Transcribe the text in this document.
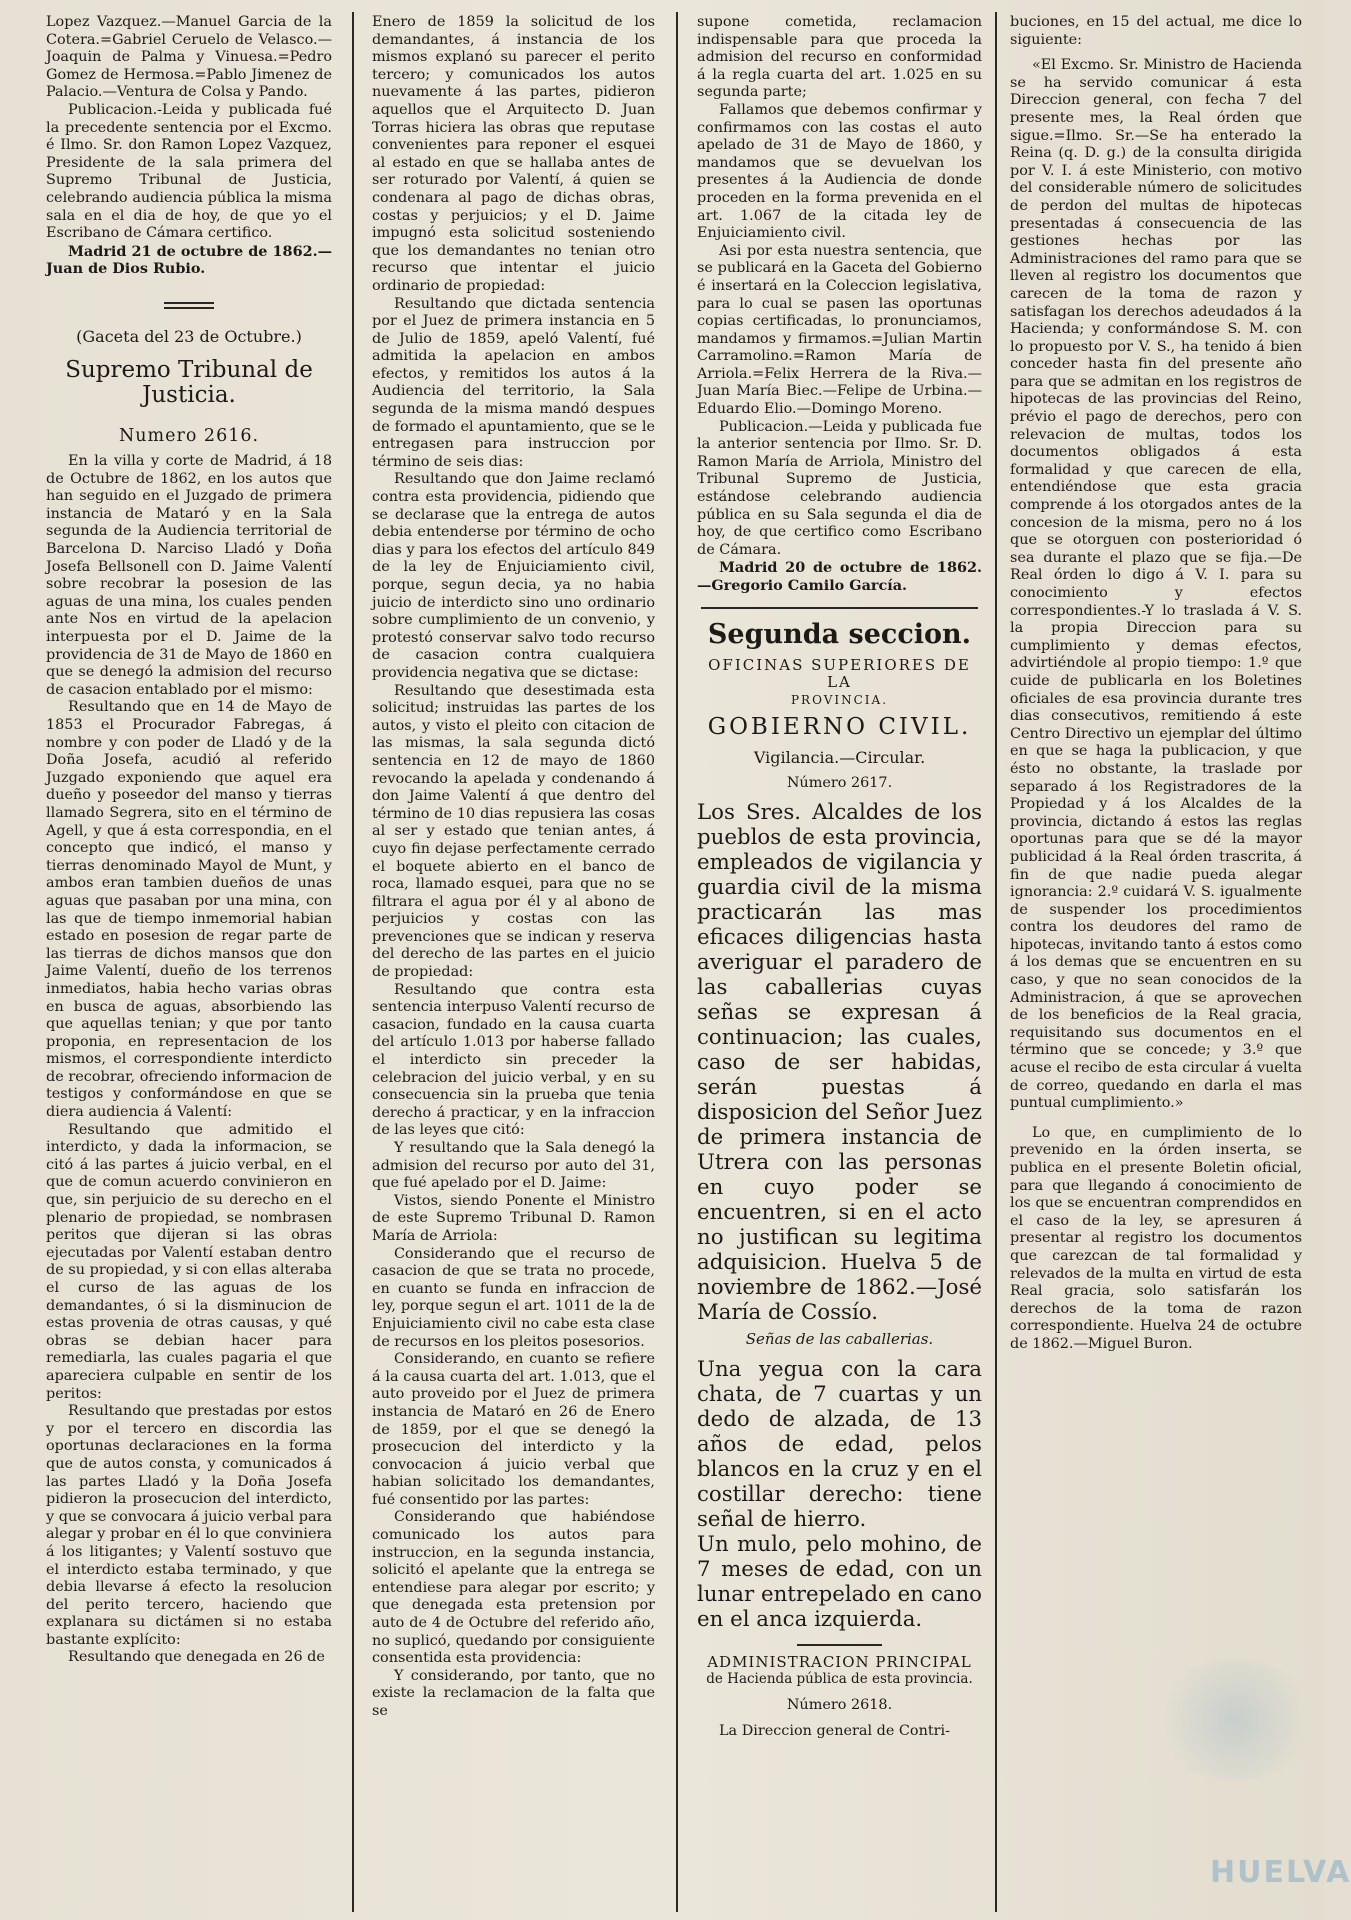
Lopez Vazquez.—Manuel Garcia de la Cotera.=Gabriel Ceruelo de Velasco.—Joaquin de Palma y Vinuesa.=Pedro Gomez de Hermosa.=Pablo Jimenez de Palacio.—Ventura de Colsa y Pando.

Publicacion.-Leida y publicada fué la precedente sentencia por el Excmo. é Ilmo. Sr. don Ramon Lopez Vazquez, Presidente de la sala primera del Supremo Tribunal de Justicia, celebrando audiencia pública la misma sala en el dia de hoy, de que yo el Escribano de Cámara certifico.

Madrid 21 de octubre de 1862.—Juan de Dios Rubio.

(Gaceta del 23 de Octubre.)

Supremo Tribunal de Justicia.
Numero 2616.

En la villa y corte de Madrid, á 18 de Octubre de 1862, en los autos que han seguido en el Juzgado de primera instancia de Mataró y en la Sala segunda de la Audiencia territorial de Barcelona D. Narciso Lladó y Doña Josefa Bellsonell con D. Jaime Valentí sobre recobrar la posesion de las aguas de una mina, los cuales penden ante Nos en virtud de la apelacion interpuesta por el D. Jaime de la providencia de 31 de Mayo de 1860 en que se denegó la admision del recurso de casacion entablado por el mismo:

Resultando que en 14 de Mayo de 1853 el Procurador Fabregas, á nombre y con poder de Lladó y de la Doña Josefa, acudió al referido Juzgado exponiendo que aquel era dueño y poseedor del manso y tierras llamado Segrera, sito en el término de Agell, y que á esta correspondia, en el concepto que indicó, el manso y tierras denominado Mayol de Munt, y ambos eran tambien dueños de unas aguas que pasaban por una mina, con las que de tiempo inmemorial habian estado en posesion de regar parte de las tierras de dichos mansos que don Jaime Valentí, dueño de los terrenos inmediatos, habia hecho varias obras en busca de aguas, absorbiendo las que aquellas tenian; y que por tanto proponia, en representacion de los mismos, el correspondiente interdicto de recobrar, ofreciendo informacion de testigos y conformándose en que se diera audiencia á Valentí:

Resultando que admitido el interdicto, y dada la informacion, se citó á las partes á juicio verbal, en el que de comun acuerdo convinieron en que, sin perjuicio de su derecho en el plenario de propiedad, se nombrasen peritos que dijeran si las obras ejecutadas por Valentí estaban dentro de su propiedad, y si con ellas alteraba el curso de las aguas de los demandantes, ó si la disminucion de estas provenia de otras causas, y qué obras se debian hacer para remediarla, las cuales pagaria el que apareciera culpable en sentir de los peritos:

Resultando que prestadas por estos y por el tercero en discordia las oportunas declaraciones en la forma que de autos consta, y comunicados á las partes Lladó y la Doña Josefa pidieron la prosecucion del interdicto, y que se convocara á juicio verbal para alegar y probar en él lo que conviniera á los litigantes; y Valentí sostuvo que el interdicto estaba terminado, y que debia llevarse á efecto la resolucion del perito tercero, haciendo que explanara su dictámen si no estaba bastante explícito:

Resultando que denegada en 26 de

Enero de 1859 la solicitud de los demandantes, á instancia de los mismos explanó su parecer el perito tercero; y comunicados los autos nuevamente á las partes, pidieron aquellos que el Arquitecto D. Juan Torras hiciera las obras que reputase convenientes para reponer el esquei al estado en que se hallaba antes de ser roturado por Valentí, á quien se condenara al pago de dichas obras, costas y perjuicios; y el D. Jaime impugnó esta solicitud sosteniendo que los demandantes no tenian otro recurso que intentar el juicio ordinario de propiedad:

Resultando que dictada sentencia por el Juez de primera instancia en 5 de Julio de 1859, apeló Valentí, fué admitida la apelacion en ambos efectos, y remitidos los autos á la Audiencia del territorio, la Sala segunda de la misma mandó despues de formado el apuntamiento, que se le entregasen para instruccion por término de seis dias:

Resultando que don Jaime reclamó contra esta providencia, pidiendo que se declarase que la entrega de autos debia entenderse por término de ocho dias y para los efectos del artículo 849 de la ley de Enjuiciamiento civil, porque, segun decia, ya no habia juicio de interdicto sino uno ordinario sobre cumplimiento de un convenio, y protestó conservar salvo todo recurso de casacion contra cualquiera providencia negativa que se dictase:

Resultando que desestimada esta solicitud; instruidas las partes de los autos, y visto el pleito con citacion de las mismas, la sala segunda dictó sentencia en 12 de mayo de 1860 revocando la apelada y condenando á don Jaime Valentí á que dentro del término de 10 dias repusiera las cosas al ser y estado que tenian antes, á cuyo fin dejase perfectamente cerrado el boquete abierto en el banco de roca, llamado esquei, para que no se filtrara el agua por él y al abono de perjuicios y costas con las prevenciones que se indican y reserva del derecho de las partes en el juicio de propiedad:

Resultando que contra esta sentencia interpuso Valentí recurso de casacion, fundado en la causa cuarta del artículo 1.013 por haberse fallado el interdicto sin preceder la celebracion del juicio verbal, y en su consecuencia sin la prueba que tenia derecho á practicar, y en la infraccion de las leyes que citó:

Y resultando que la Sala denegó la admision del recurso por auto del 31, que fué apelado por el D. Jaime:

Vistos, siendo Ponente el Ministro de este Supremo Tribunal D. Ramon María de Arriola:

Considerando que el recurso de casacion de que se trata no procede, en cuanto se funda en infraccion de ley, porque segun el art. 1011 de la de Enjuiciamiento civil no cabe esta clase de recursos en los pleitos posesorios.

Considerando, en cuanto se refiere á la causa cuarta del art. 1.013, que el auto proveido por el Juez de primera instancia de Mataró en 26 de Enero de 1859, por el que se denegó la prosecucion del interdicto y la convocacion á juicio verbal que habian solicitado los demandantes, fué consentido por las partes:

Considerando que habiéndose comunicado los autos para instruccion, en la segunda instancia, solicitó el apelante que la entrega se entendiese para alegar por escrito; y que denegada esta pretension por auto de 4 de Octubre del referido año, no suplicó, quedando por consiguiente consentida esta providencia:

Y considerando, por tanto, que no existe la reclamacion de la falta que se

supone cometida, reclamacion indispensable para que proceda la admision del recurso en conformidad á la regla cuarta del art. 1.025 en su segunda parte;

Fallamos que debemos confirmar y confirmamos con las costas el auto apelado de 31 de Mayo de 1860, y mandamos que se devuelvan los presentes á la Audiencia de donde proceden en la forma prevenida en el art. 1.067 de la citada ley de Enjuiciamiento civil.

Asi por esta nuestra sentencia, que se publicará en la Gaceta del Gobierno é insertará en la Coleccion legislativa, para lo cual se pasen las oportunas copias certificadas, lo pronunciamos, mandamos y firmamos.=Julian Martin Carramolino.=Ramon María de Arriola.=Felix Herrera de la Riva.—Juan María Biec.—Felipe de Urbina.—Eduardo Elio.—Domingo Moreno.

Publicacion.—Leida y publicada fue la anterior sentencia por Ilmo. Sr. D. Ramon María de Arriola, Ministro del Tribunal Supremo de Justicia, estándose celebrando audiencia pública en su Sala segunda el dia de hoy, de que certifico como Escribano de Cámara.

Madrid 20 de octubre de 1862.—Gregorio Camilo García.

Segunda seccion.
OFICINAS SUPERIORES DE LA
PROVINCIA.
GOBIERNO CIVIL.

Vigilancia.—Circular.

Número 2617.

Los Sres. Alcaldes de los pueblos de esta provincia, empleados de vigilancia y guardia civil de la misma practicarán las mas eficaces diligencias hasta averiguar el paradero de las caballerias cuyas señas se expresan á continuacion; las cuales, caso de ser habidas, serán puestas á disposicion del Señor Juez de primera instancia de Utrera con las personas en cuyo poder se encuentren, si en el acto no justifican su legitima adquisicion. Huelva 5 de noviembre de 1862.—José María de Cossío.

Señas de las caballerias.

Una yegua con la cara chata, de 7 cuartas y un dedo de alzada, de 13 años de edad, pelos blancos en la cruz y en el costillar derecho: tiene señal de hierro.

Un mulo, pelo mohino, de 7 meses de edad, con un lunar entrepelado en cano en el anca izquierda.

ADMINISTRACION PRINCIPAL

de Hacienda pública de esta provincia.

Número 2618.

La Direccion general de Contri-

buciones, en 15 del actual, me dice lo siguiente:

«El Excmo. Sr. Ministro de Hacienda se ha servido comunicar á esta Direccion general, con fecha 7 del presente mes, la Real órden que sigue.=Ilmo. Sr.—Se ha enterado la Reina (q. D. g.) de la consulta dirigida por V. I. á este Ministerio, con motivo del considerable número de solicitudes de perdon del multas de hipotecas presentadas á consecuencia de las gestiones hechas por las Administraciones del ramo para que se lleven al registro los documentos que carecen de la toma de razon y satisfagan los derechos adeudados á la Hacienda; y conformándose S. M. con lo propuesto por V. S., ha tenido á bien conceder hasta fin del presente año para que se admitan en los registros de hipotecas de las provincias del Reino, prévio el pago de derechos, pero con relevacion de multas, todos los documentos obligados á esta formalidad y que carecen de ella, entendiéndose que esta gracia comprende á los otorgados antes de la concesion de la misma, pero no á los que se otorguen con posterioridad ó sea durante el plazo que se fija.—De Real órden lo digo á V. I. para su conocimiento y efectos correspondientes.-Y lo traslada á V. S. la propia Direccion para su cumplimiento y demas efectos, advirtiéndole al propio tiempo: 1.º que cuide de publicarla en los Boletines oficiales de esa provincia durante tres dias consecutivos, remitiendo á este Centro Directivo un ejemplar del último en que se haga la publicacion, y que ésto no obstante, la traslade por separado á los Registradores de la Propiedad y á los Alcaldes de la provincia, dictando á estos las reglas oportunas para que se dé la mayor publicidad á la Real órden trascrita, á fin de que nadie pueda alegar ignorancia: 2.º cuidará V. S. igualmente de suspender los procedimientos contra los deudores del ramo de hipotecas, invitando tanto á estos como á los demas que se encuentren en su caso, y que no sean conocidos de la Administracion, á que se aprovechen de los beneficios de la Real gracia, requisitando sus documentos en el término que se concede; y 3.º que acuse el recibo de esta circular á vuelta de correo, quedando en darla el mas puntual cumplimiento.»

Lo que, en cumplimiento de lo prevenido en la órden inserta, se publica en el presente Boletin oficial, para que llegando á conocimiento de los que se encuentran comprendidos en el caso de la ley, se apresuren á presentar al registro los documentos que carezcan de tal formalidad y relevados de la multa en virtud de esta Real gracia, solo satisfarán los derechos de la toma de razon correspondiente. Huelva 24 de octubre de 1862.—Miguel Buron.

HUELVA
